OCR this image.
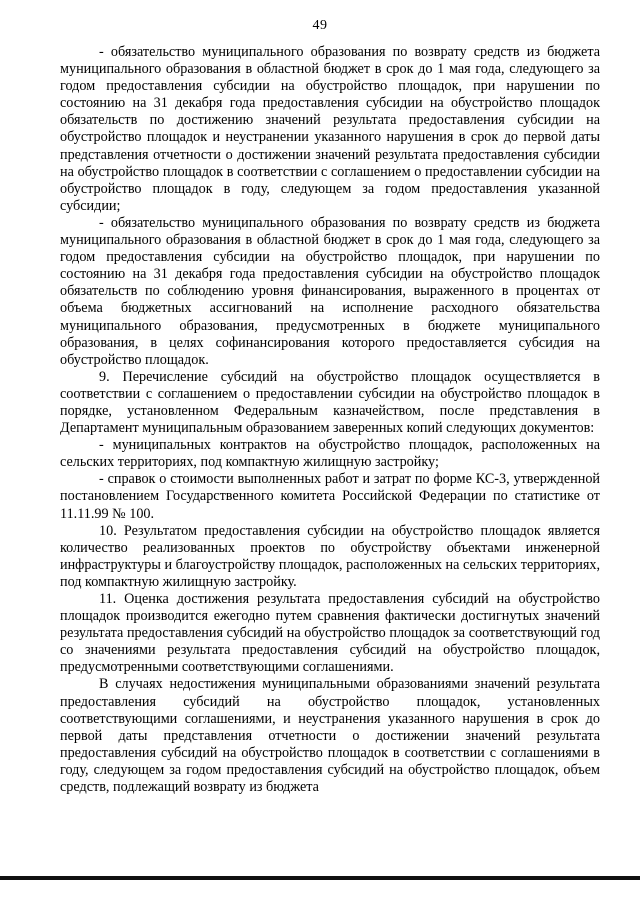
49

- обязательство муниципального образования по возврату средств из бюджета муниципального образования в областной бюджет в срок до 1 мая года, следующего за годом предоставления субсидии на обустройство площадок, при нарушении по состоянию на 31 декабря года предоставления субсидии на обустройство площадок обязательств по достижению значений результата предоставления субсидии на обустройство площадок и неустранении указанного нарушения в срок до первой даты представления отчетности о достижении значений результата предоставления субсидии на обустройство площадок в соответствии с соглашением о предоставлении субсидии на обустройство площадок в году, следующем за годом предоставления указанной субсидии;

- обязательство муниципального образования по возврату средств из бюджета муниципального образования в областной бюджет в срок до 1 мая года, следующего за годом предоставления субсидии на обустройство площадок, при нарушении по состоянию на 31 декабря года предоставления субсидии на обустройство площадок обязательств по соблюдению уровня финансирования, выраженного в процентах от объема бюджетных ассигнований на исполнение расходного обязательства муниципального образования, предусмотренных в бюджете муниципального образования, в целях софинансирования которого предоставляется субсидия на обустройство площадок.

9. Перечисление субсидий на обустройство площадок осуществляется в соответствии с соглашением о предоставлении субсидии на обустройство площадок в порядке, установленном Федеральным казначейством, после представления в Департамент муниципальным образованием заверенных копий следующих документов:

- муниципальных контрактов на обустройство площадок, расположенных на сельских территориях, под компактную жилищную застройку;

- справок о стоимости выполненных работ и затрат по форме КС-3, утвержденной постановлением Государственного комитета Российской Федерации по статистике от 11.11.99 № 100.

10. Результатом предоставления субсидии на обустройство площадок является количество реализованных проектов по обустройству объектами инженерной инфраструктуры и благоустройству площадок, расположенных на сельских территориях, под компактную жилищную застройку.

11. Оценка достижения результата предоставления субсидий на обустройство площадок производится ежегодно путем сравнения фактически достигнутых значений результата предоставления субсидий на обустройство площадок за соответствующий год со значениями результата предоставления субсидий на обустройство площадок, предусмотренными соответствующими соглашениями.

В случаях недостижения муниципальными образованиями значений результата предоставления субсидий на обустройство площадок, установленных соответствующими соглашениями, и неустранения указанного нарушения в срок до первой даты представления отчетности о достижении значений результата предоставления субсидий на обустройство площадок в соответствии с соглашениями в году, следующем за годом предоставления субсидий на обустройство площадок, объем средств, подлежащий возврату из бюджета
